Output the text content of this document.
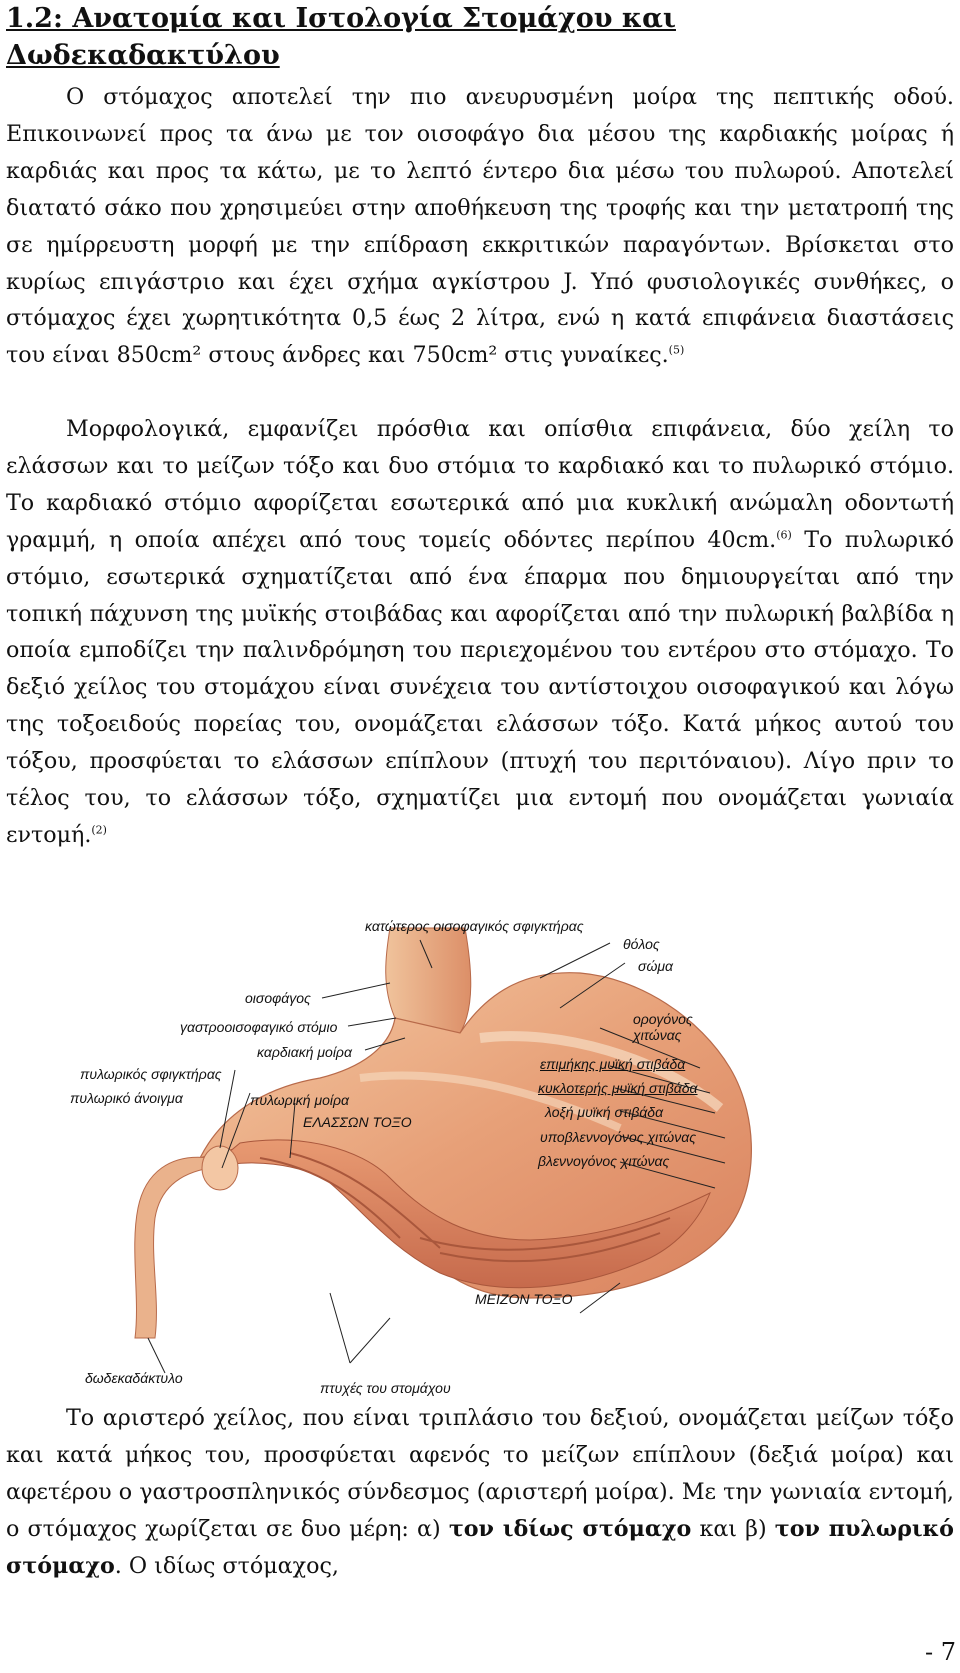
1.2: Ανατομία και Ιστολογία Στομάχου και Δωδεκαδακτύλου

Ο στόμαχος αποτελεί την πιο ανευρυσμένη μοίρα της πεπτικής οδού. Επικοινωνεί προς τα άνω με τον οισοφάγο δια μέσου της καρδιακής μοίρας ή καρδιάς και προς τα κάτω, με το λεπτό έντερο δια μέσω του πυλωρού. Αποτελεί διατατό σάκο που χρησιμεύει στην αποθήκευση της τροφής και την μετατροπή της σε ημίρρευστη μορφή με την επίδραση εκκριτικών παραγόντων. Βρίσκεται στο κυρίως επιγάστριο και έχει σχήμα αγκίστρου J. Υπό φυσιολογικές συνθήκες, ο στόμαχος έχει χωρητικότητα 0,5 έως 2 λίτρα, ενώ η κατά επιφάνεια διαστάσεις του είναι 850cm² στους άνδρες και 750cm² στις γυναίκες.$^{(5)}$

Μορφολογικά, εμφανίζει πρόσθια και οπίσθια επιφάνεια, δύο χείλη το ελάσσων και το μείζων τόξο και δυο στόμια το καρδιακό και το πυλωρικό στόμιο. Το καρδιακό στόμιο αφορίζεται εσωτερικά από μια κυκλική ανώμαλη οδοντωτή γραμμή, η οποία απέχει από τους τομείς οδόντες περίπου 40cm.$^{(6)}$ Το πυλωρικό στόμιο, εσωτερικά σχηματίζεται από ένα έπαρμα που δημιουργείται από την τοπική πάχυνση της μυϊκής στοιβάδας και αφορίζεται από την πυλωρική βαλβίδα η οποία εμποδίζει την παλινδρόμηση του περιεχομένου του εντέρου στο στόμαχο. Το δεξιό χείλος του στομάχου είναι συνέχεια του αντίστοιχου οισοφαγικού και λόγω της τοξοειδούς πορείας του, ονομάζεται ελάσσων τόξο. Κατά μήκος αυτού του τόξου, προσφύεται το ελάσσων επίπλουν (πτυχή του περιτόναιου). Λίγο πριν το τέλος του, το ελάσσων τόξο, σχηματίζει μια εντομή που ονομάζεται γωνιαία εντομή.$^{(2)}$

κατώτερος οισοφαγικός σφιγκτήρας
θόλος
σώμα
οισοφάγος
γαστροοισοφαγικό στόμιο
καρδιακή μοίρα
ορογόνος χιτώνας
επιμήκης μυϊκή στιβάδα
κυκλοτερής μυϊκή στιβάδα
λοξή μυϊκή στιβάδα
υποβλεννογόνος χιτώνας
βλεννογόνος χιτώνας
πυλωρικός σφιγκτήρας
πυλωρικό άνοιγμα	πυλωρική μοίρα
ΕΛΑΣΣΩΝ ΤΟΞΟ
ΜΕΙΖΟΝ ΤΟΞΟ
δωδεκαδάκτυλο
πτυχές του στομάχου

Το αριστερό χείλος, που είναι τριπλάσιο του δεξιού, ονομάζεται μείζων τόξο και κατά μήκος του, προσφύεται αφενός το μείζων επίπλουν (δεξιά μοίρα) και αφετέρου ο γαστροσπληνικός σύνδεσμος (αριστερή μοίρα). Με την γωνιαία εντομή, ο στόμαχος χωρίζεται σε δυο μέρη: α) τον ιδίως στόμαχο και β) τον πυλωρικό στόμαχο. Ο ιδίως στόμαχος,

- 7
